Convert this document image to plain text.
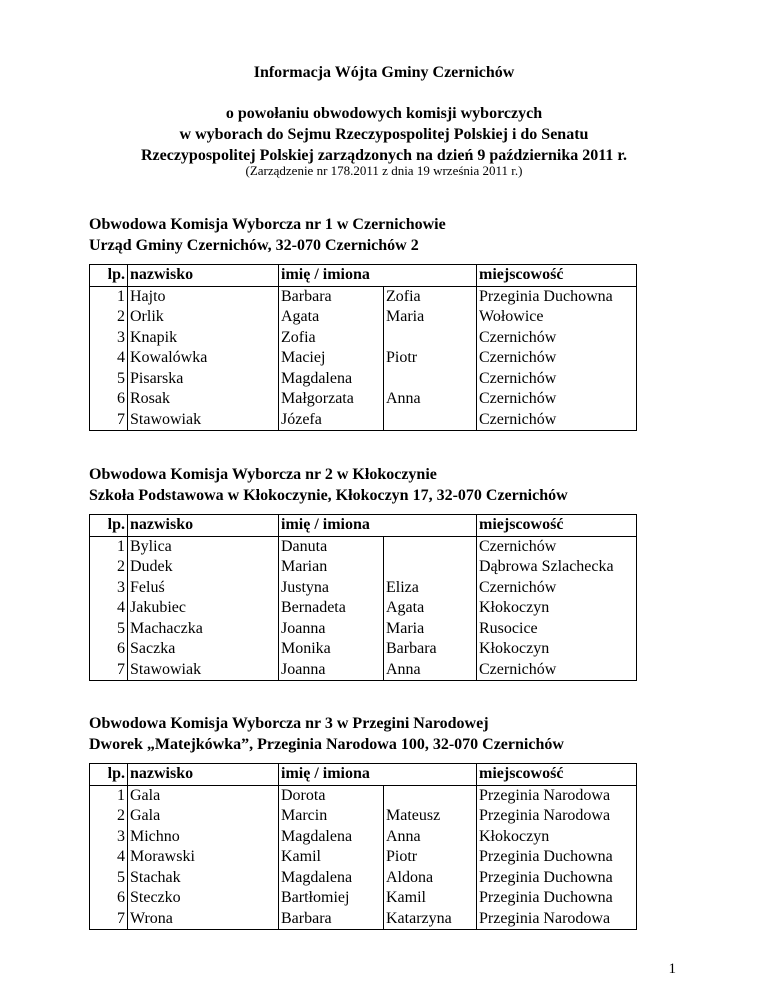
Informacja Wójta Gminy Czernichów
o powołaniu obwodowych komisji wyborczych
w wyborach do Sejmu Rzeczypospolitej Polskiej i do Senatu
Rzeczypospolitej Polskiej zarządzonych na dzień 9 października 2011 r.
(Zarządzenie nr 178.2011 z dnia 19 września 2011 r.)
Obwodowa Komisja Wyborcza nr 1 w Czernichowie
Urząd Gminy Czernichów, 32-070 Czernichów 2
lp.	nazwisko	imię / imiona		miejscowość
1	Hajto	Barbara	Zofia	Przeginia Duchowna
2	Orlik	Agata	Maria	Wołowice
3	Knapik	Zofia		Czernichów
4	Kowalówka	Maciej	Piotr	Czernichów
5	Pisarska	Magdalena		Czernichów
6	Rosak	Małgorzata	Anna	Czernichów
7	Stawowiak	Józefa		Czernichów
Obwodowa Komisja Wyborcza nr 2 w Kłokoczynie
Szkoła Podstawowa w Kłokoczynie, Kłokoczyn 17, 32-070 Czernichów
lp.	nazwisko	imię / imiona		miejscowość
1	Bylica	Danuta		Czernichów
2	Dudek	Marian		Dąbrowa Szlachecka
3	Feluś	Justyna	Eliza	Czernichów
4	Jakubiec	Bernadeta	Agata	Kłokoczyn
5	Machaczka	Joanna	Maria	Rusocice
6	Saczka	Monika	Barbara	Kłokoczyn
7	Stawowiak	Joanna	Anna	Czernichów
Obwodowa Komisja Wyborcza nr 3 w Przegini Narodowej
Dworek „Matejkówka”, Przeginia Narodowa 100, 32-070 Czernichów
lp.	nazwisko	imię / imiona		miejscowość
1	Gala	Dorota		Przeginia Narodowa
2	Gala	Marcin	Mateusz	Przeginia Narodowa
3	Michno	Magdalena	Anna	Kłokoczyn
4	Morawski	Kamil	Piotr	Przeginia Duchowna
5	Stachak	Magdalena	Aldona	Przeginia Duchowna
6	Steczko	Bartłomiej	Kamil	Przeginia Duchowna
7	Wrona	Barbara	Katarzyna	Przeginia Narodowa
1
